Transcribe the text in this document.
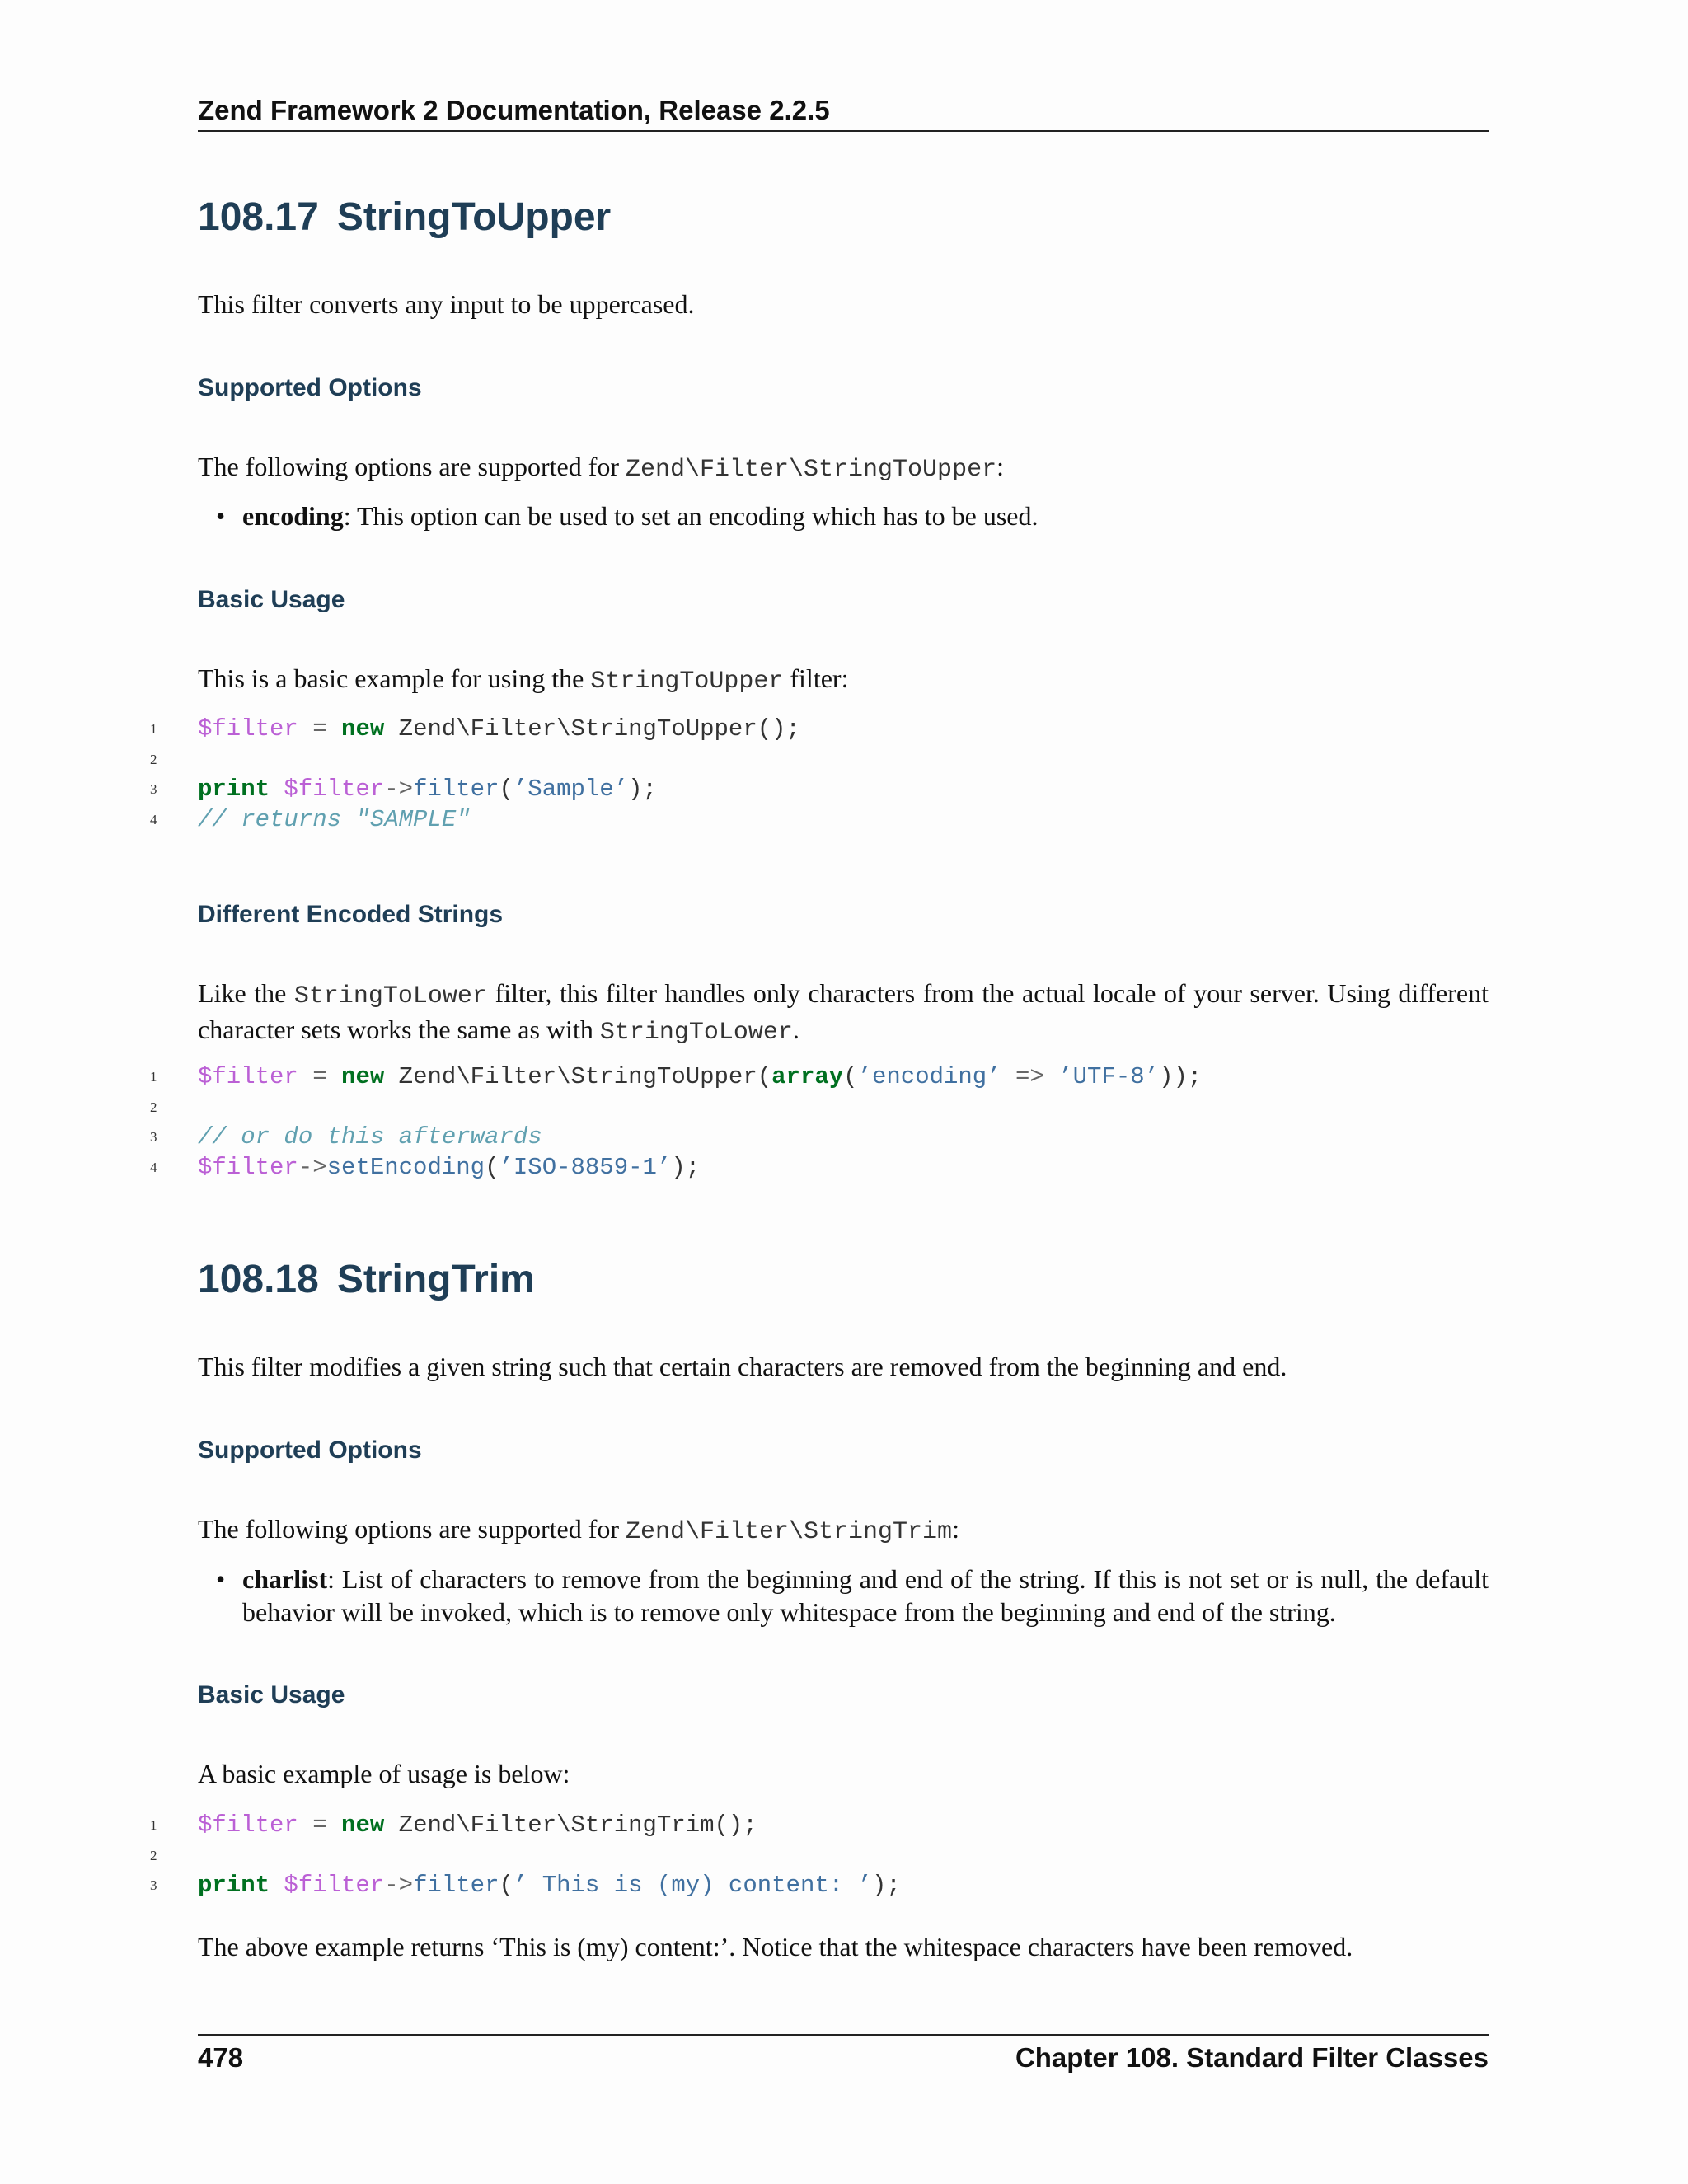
Zend Framework 2 Documentation, Release 2.2.5
108.17 StringToUpper
This filter converts any input to be uppercased.
Supported Options
The following options are supported for Zend\Filter\StringToUpper:
• encoding: This option can be used to set an encoding which has to be used.
Basic Usage
This is a basic example for using the StringToUpper filter:
1	$filter = new Zend\Filter\StringToUpper();
2
3	print $filter->filter(’Sample’);
4	// returns "SAMPLE"
Different Encoded Strings
Like the StringToLower filter, this filter handles only characters from the actual locale of your server. Using different character sets works the same as with StringToLower.
1	$filter = new Zend\Filter\StringToUpper(array(’encoding’ => ’UTF-8’));
2
3	// or do this afterwards
4	$filter->setEncoding(’ISO-8859-1’);
108.18 StringTrim
This filter modifies a given string such that certain characters are removed from the beginning and end.
Supported Options
The following options are supported for Zend\Filter\StringTrim:
• charlist: List of characters to remove from the beginning and end of the string. If this is not set or is null, the default behavior will be invoked, which is to remove only whitespace from the beginning and end of the string.
Basic Usage
A basic example of usage is below:
1	$filter = new Zend\Filter\StringTrim();
2
3	print $filter->filter(’ This is (my) content: ’);
The above example returns ‘This is (my) content:’. Notice that the whitespace characters have been removed.
478	Chapter 108. Standard Filter Classes
